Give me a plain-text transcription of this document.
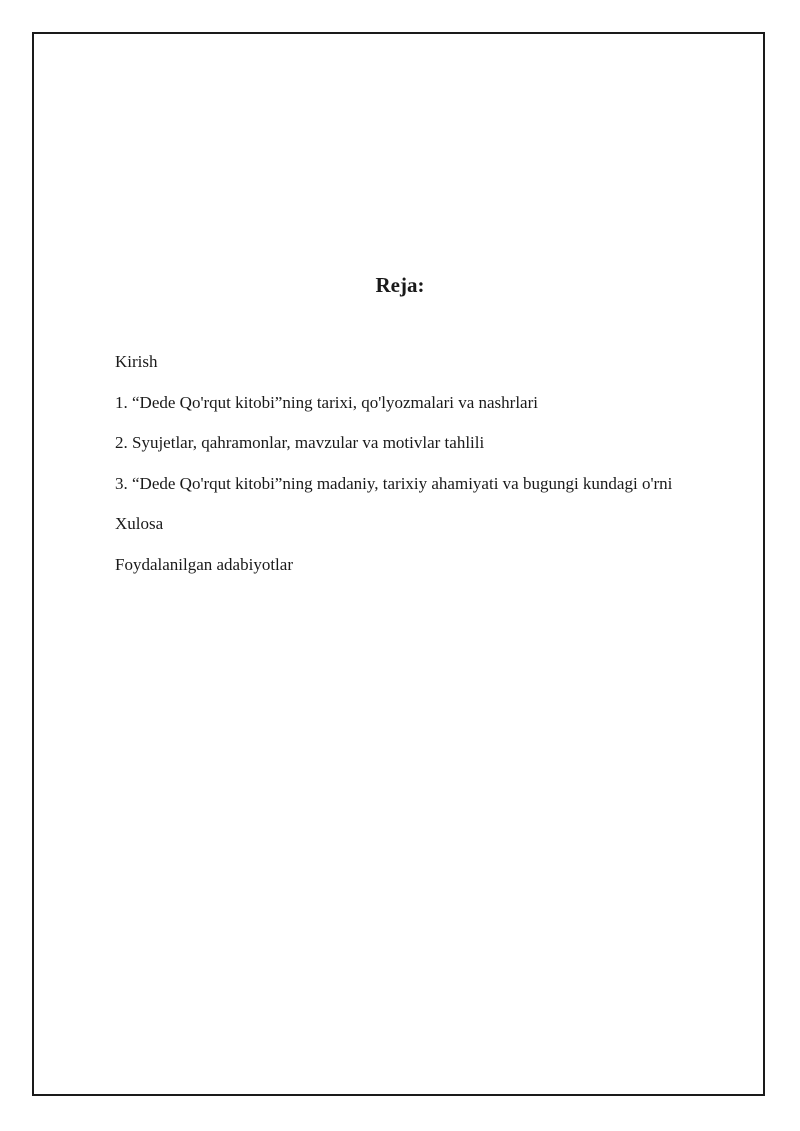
Reja:
Kirish
1. “Dede Qo'rqut kitobi”ning tarixi, qo'lyozmalari va nashrlari
2. Syujetlar, qahramonlar, mavzular va motivlar tahlili
3. “Dede Qo'rqut kitobi”ning madaniy, tarixiy ahamiyati va bugungi kundagi o'rni
Xulosa
Foydalanilgan adabiyotlar
